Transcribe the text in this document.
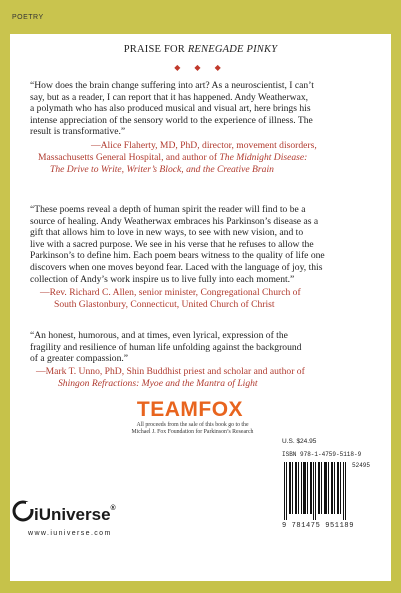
POETRY
PRAISE FOR RENEGADE PINKY
◆ ◆ ◆
“How does the brain change suffering into art? As a neuroscientist, I can’t
say, but as a reader, I can report that it has happened. Andy Weatherwax,
a polymath who has also produced musical and visual art, here brings his
intense appreciation of the sensory world to the experience of illness. The
result is transformative.”
—Alice Flaherty, MD, PhD, director, movement disorders,
Massachusetts General Hospital, and author of The Midnight Disease:
The Drive to Write, Writer’s Block, and the Creative Brain
“These poems reveal a depth of human spirit the reader will find to be a
source of healing. Andy Weatherwax embraces his Parkinson’s disease as a
gift that allows him to love in new ways, to see with new vision, and to
live with a sacred purpose. We see in his verse that he refuses to allow the
Parkinson’s to define him. Each poem bears witness to the quality of life one
discovers when one moves beyond fear. Laced with the language of joy, this
collection of Andy’s work inspire us to live fully into each moment.”
—Rev. Richard C. Allen, senior minister, Congregational Church of
South Glastonbury, Connecticut, United Church of Christ
“An honest, humorous, and at times, even lyrical, expression of the
fragility and resilience of human life unfolding against the background
of a greater compassion.”
—Mark T. Unno, PhD, Shin Buddhist priest and scholar and author of
Shingon Refractions: Myoe and the Mantra of Light
TEAMFOX
All proceeds from the sale of this book go to the
Michael J. Fox Foundation for Parkinson’s Research
U.S. $24.95
ISBN 978-1-4759-5118-9
52495
9 781475 951189
iUniverse®
www.iuniverse.com
